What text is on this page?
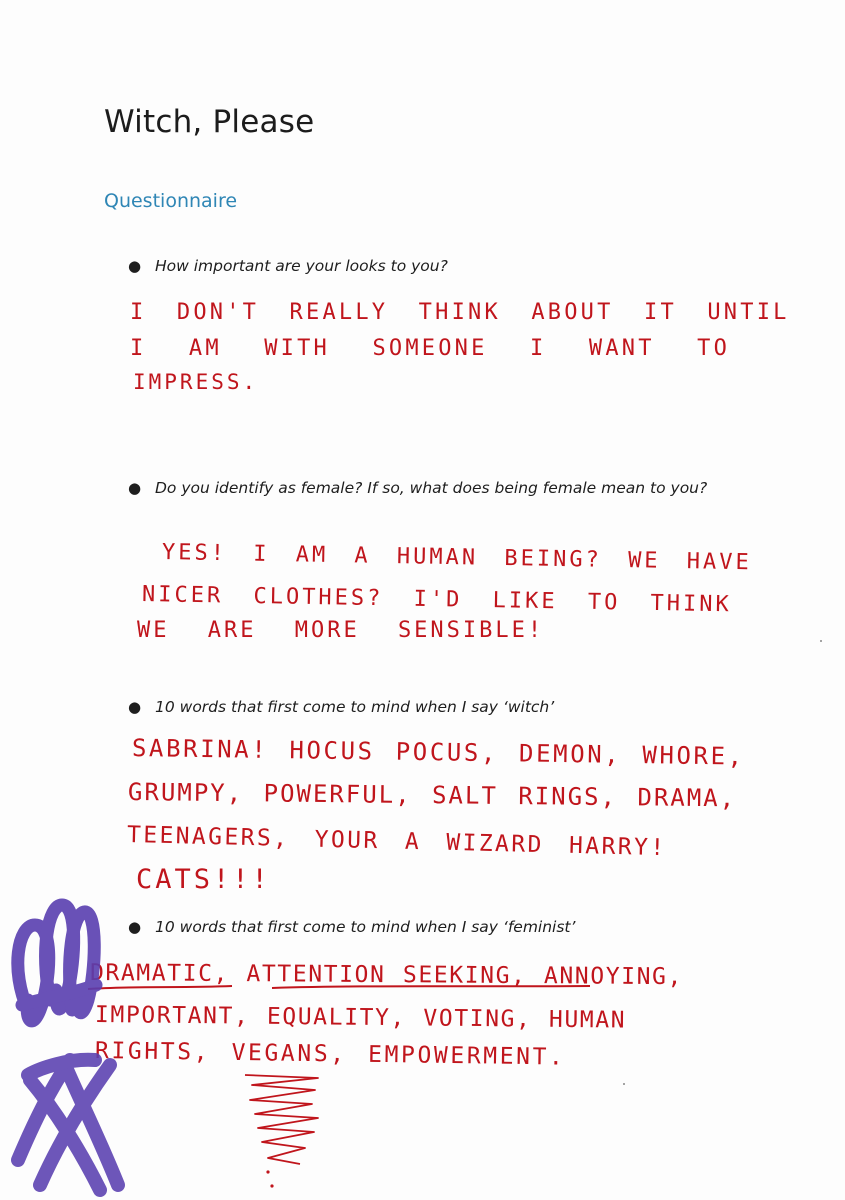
Witch, Please
Questionnaire
● How important are your looks to you?
I DON'T REALLY THINK ABOUT IT UNTIL
I AM WITH SOMEONE I WANT TO
IMPRESS.
● Do you identify as female? If so, what does being female mean to you?
YES! I AM A HUMAN BEING? WE HAVE
NICER CLOTHES? I'D LIKE TO THINK
WE ARE MORE SENSIBLE!
● 10 words that first come to mind when I say ‘witch’
SABRINA! HOCUS POCUS, DEMON, WHORE,
GRUMPY, POWERFUL, SALT RINGS, DRAMA,
TEENAGERS, YOUR A WIZARD HARRY!
CATS!!!
● 10 words that first come to mind when I say ‘feminist’
DRAMATIC, ATTENTION SEEKING, ANNOYING,
IMPORTANT, EQUALITY, VOTING, HUMAN
RIGHTS, VEGANS, EMPOWERMENT.
